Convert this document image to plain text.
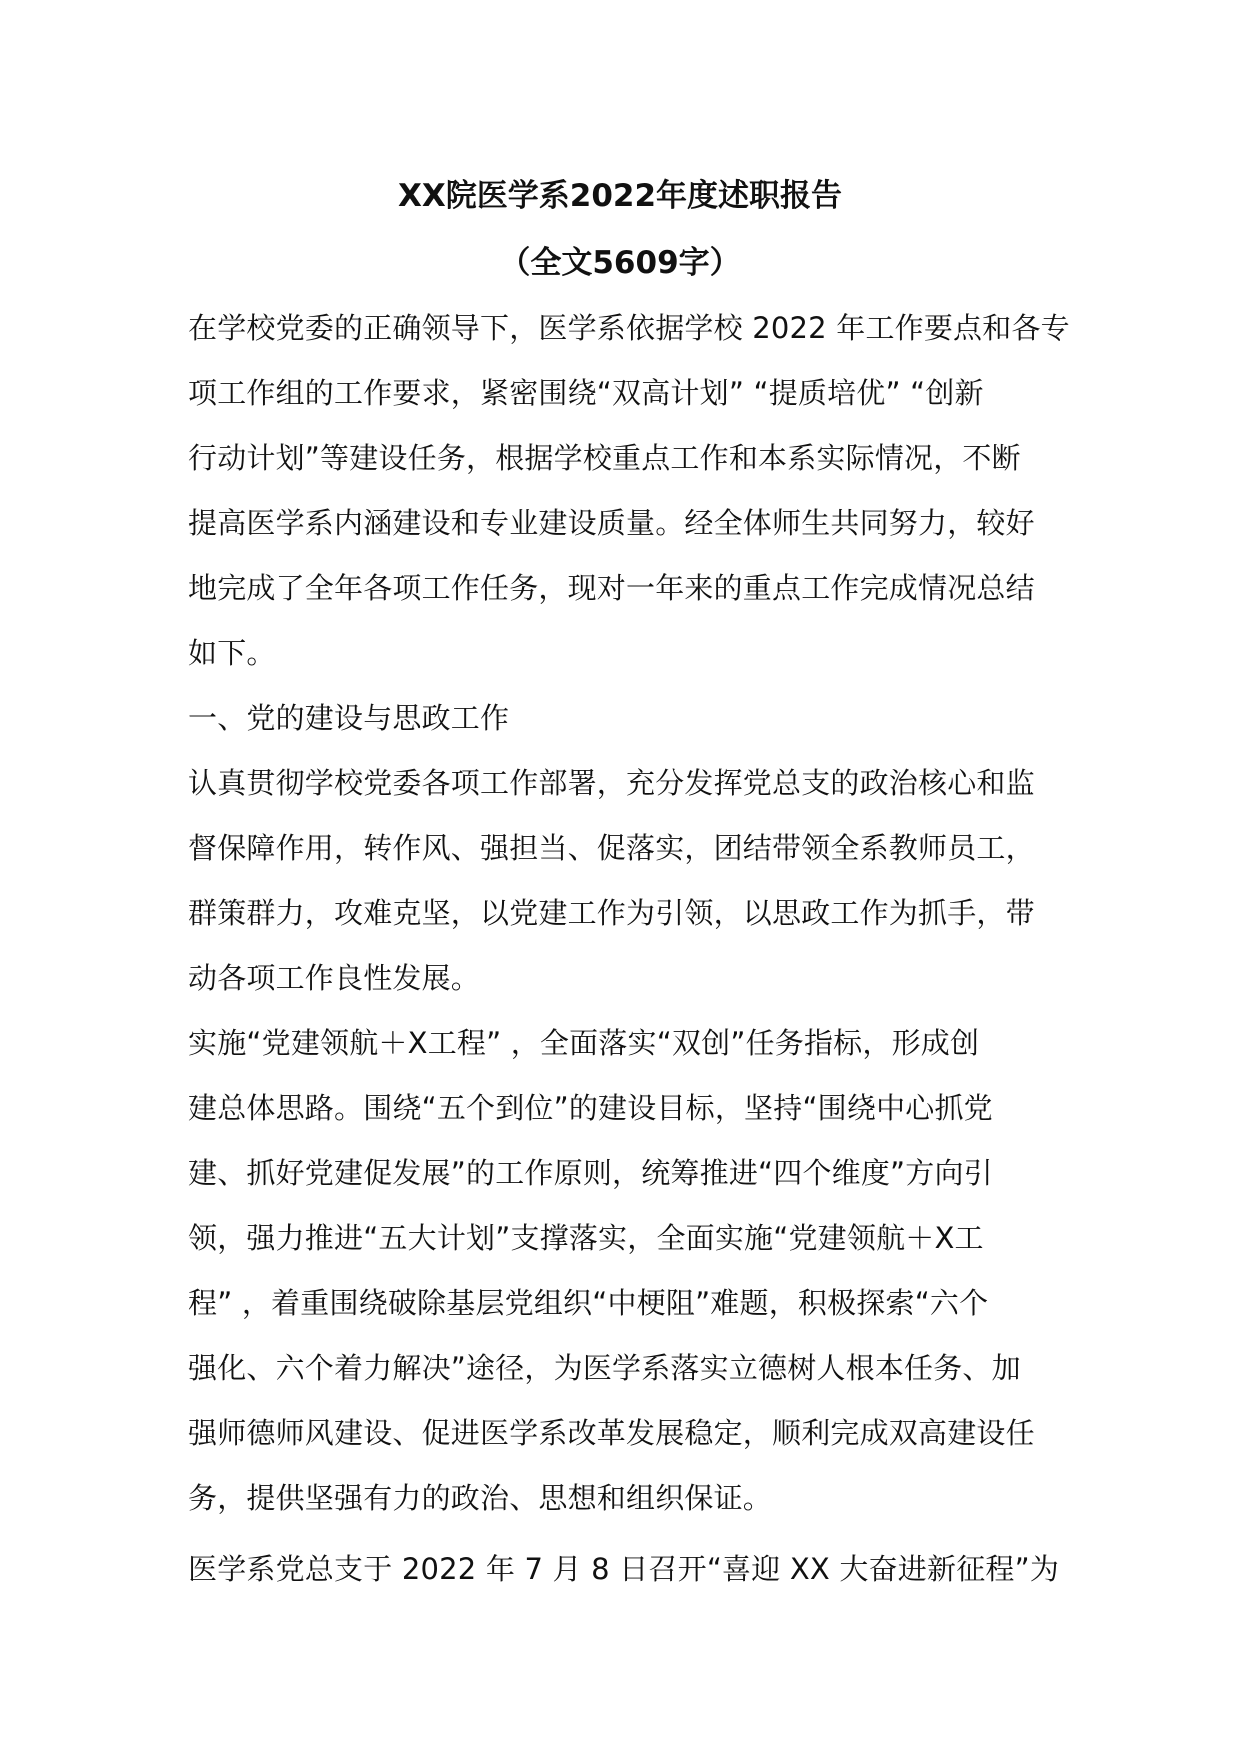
XX院医学系2022年度述职报告
（全文5609字）
在学校党委的正确领导下，医学系依据学校 2022 年工作要点和各专
项工作组的工作要求，紧密围绕“双高计划” “提质培优” “创新
行动计划”等建设任务，根据学校重点工作和本系实际情况，不断
提高医学系内涵建设和专业建设质量。经全体师生共同努力，较好
地完成了全年各项工作任务，现对一年来的重点工作完成情况总结
如下。
一、党的建设与思政工作
认真贯彻学校党委各项工作部署，充分发挥党总支的政治核心和监
督保障作用，转作风、强担当、促落实，团结带领全系教师员工，
群策群力，攻难克坚，以党建工作为引领，以思政工作为抓手，带
动各项工作良性发展。
实施“党建领航＋X工程” ，全面落实“双创”任务指标，形成创
建总体思路。围绕“五个到位”的建设目标，坚持“围绕中心抓党
建、抓好党建促发展”的工作原则，统筹推进“四个维度”方向引
领，强力推进“五大计划”支撑落实，全面实施“党建领航＋X工
程” ，着重围绕破除基层党组织“中梗阻”难题，积极探索“六个
强化、六个着力解决”途径，为医学系落实立德树人根本任务、加
强师德师风建设、促进医学系改革发展稳定，顺利完成双高建设任
务，提供坚强有力的政治、思想和组织保证。
医学系党总支于 2022 年 7 月 8 日召开“喜迎 XX 大奋进新征程”为
